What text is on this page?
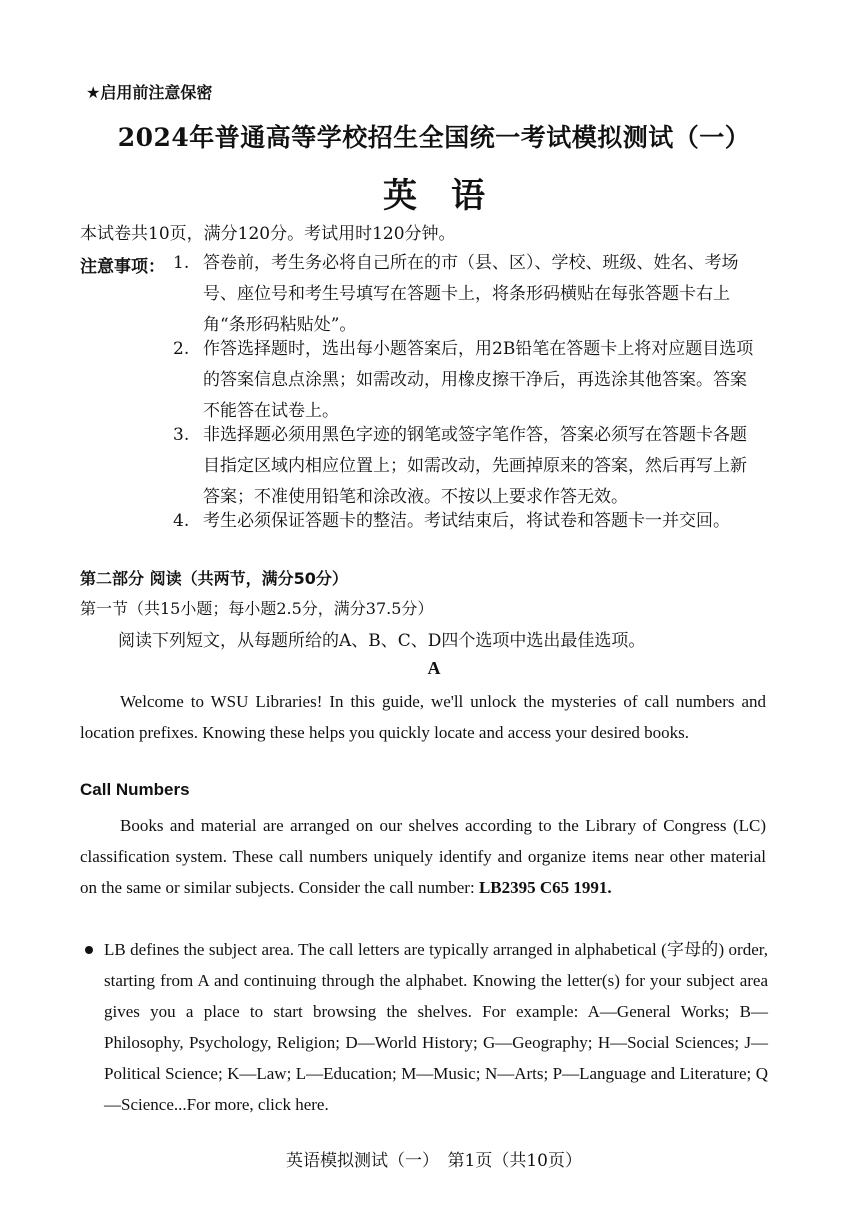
★启用前注意保密
2024年普通高等学校招生全国统一考试模拟测试（一）
英语
本试卷共10页，满分120分。考试用时120分钟。
注意事项： 1. 答卷前，考生务必将自己所在的市（县、区）、学校、班级、姓名、考场号、座位号和考生号填写在答题卡上，将条形码横贴在每张答题卡右上角“条形码粘贴处”。
2. 作答选择题时，选出每小题答案后，用2B铅笔在答题卡上将对应题目选项的答案信息点涂黑；如需改动，用橡皮擦干净后，再选涂其他答案。答案不能答在试卷上。
3. 非选择题必须用黑色字迹的钢笔或签字笔作答，答案必须写在答题卡各题目指定区域内相应位置上；如需改动，先画掉原来的答案，然后再写上新答案；不准使用铅笔和涂改液。不按以上要求作答无效。
4. 考生必须保证答题卡的整洁。考试结束后，将试卷和答题卡一并交回。
第二部分 阅读（共两节，满分50分）
第一节（共15小题；每小题2.5分，满分37.5分）
阅读下列短文，从每题所给的A、B、C、D四个选项中选出最佳选项。
A
Welcome to WSU Libraries! In this guide, we'll unlock the mysteries of call numbers and location prefixes. Knowing these helps you quickly locate and access your desired books.
Call Numbers
Books and material are arranged on our shelves according to the Library of Congress (LC) classification system. These call numbers uniquely identify and organize items near other material on the same or similar subjects. Consider the call number: LB2395 C65 1991.
LB defines the subject area. The call letters are typically arranged in alphabetical (字母的) order, starting from A and continuing through the alphabet. Knowing the letter(s) for your subject area gives you a place to start browsing the shelves. For example: A—General Works; B—Philosophy, Psychology, Religion; D—World History; G—Geography; H—Social Sciences; J—Political Science; K—Law; L—Education; M—Music; N—Arts; P—Language and Literature; Q—Science...For more, click here.
英语模拟测试（一）　第1页（共10页）
